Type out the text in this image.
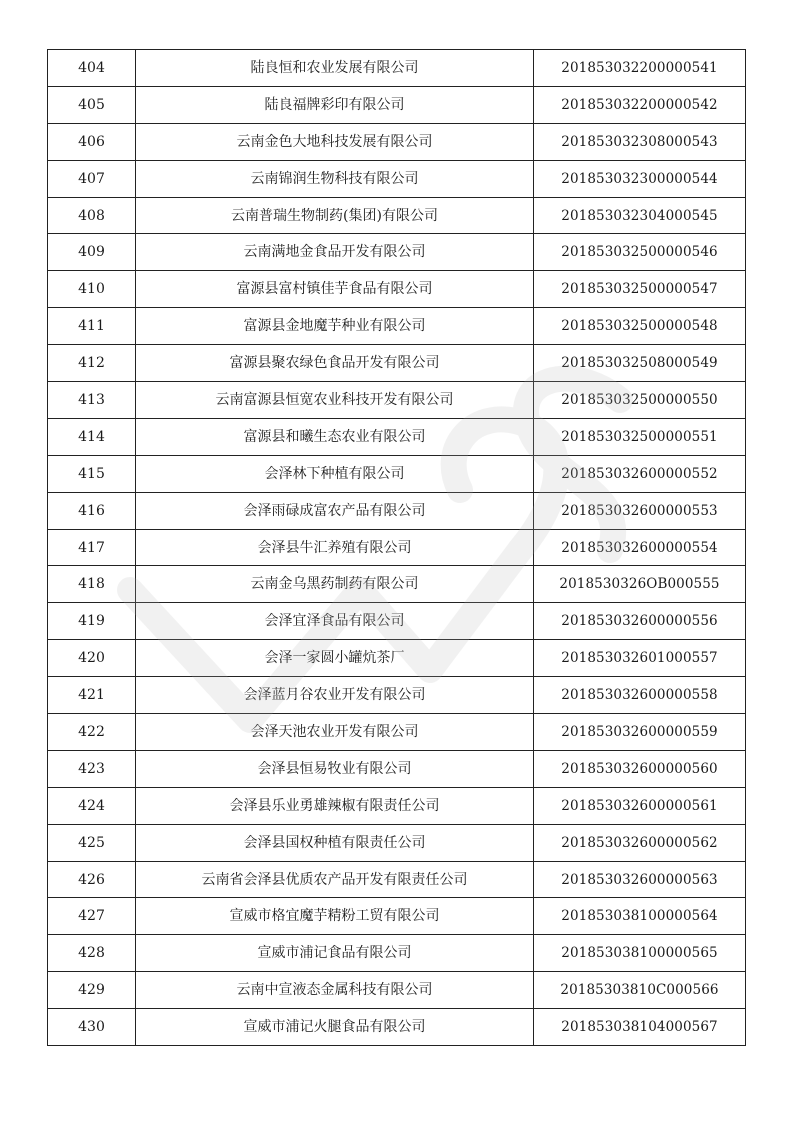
404	陆良恒和农业发展有限公司	201853032200000541
405	陆良福牌彩印有限公司	201853032200000542
406	云南金色大地科技发展有限公司	201853032308000543
407	云南锦润生物科技有限公司	201853032300000544
408	云南普瑞生物制药(集团)有限公司	201853032304000545
409	云南满地金食品开发有限公司	201853032500000546
410	富源县富村镇佳芋食品有限公司	201853032500000547
411	富源县金地魔芋种业有限公司	201853032500000548
412	富源县聚农绿色食品开发有限公司	201853032508000549
413	云南富源县恒宽农业科技开发有限公司	201853032500000550
414	富源县和曦生态农业有限公司	201853032500000551
415	会泽林下种植有限公司	201853032600000552
416	会泽雨碌成富农产品有限公司	201853032600000553
417	会泽县牛汇养殖有限公司	201853032600000554
418	云南金乌黑药制药有限公司	2018530326OB000555
419	会泽宜泽食品有限公司	201853032600000556
420	会泽一家圆小罐炕茶厂	201853032601000557
421	会泽蓝月谷农业开发有限公司	201853032600000558
422	会泽天池农业开发有限公司	201853032600000559
423	会泽县恒易牧业有限公司	201853032600000560
424	会泽县乐业勇雄辣椒有限责任公司	201853032600000561
425	会泽县国权种植有限责任公司	201853032600000562
426	云南省会泽县优质农产品开发有限责任公司	201853032600000563
427	宣威市格宜魔芋精粉工贸有限公司	201853038100000564
428	宣威市浦记食品有限公司	201853038100000565
429	云南中宣液态金属科技有限公司	20185303810C000566
430	宣威市浦记火腿食品有限公司	201853038104000567
